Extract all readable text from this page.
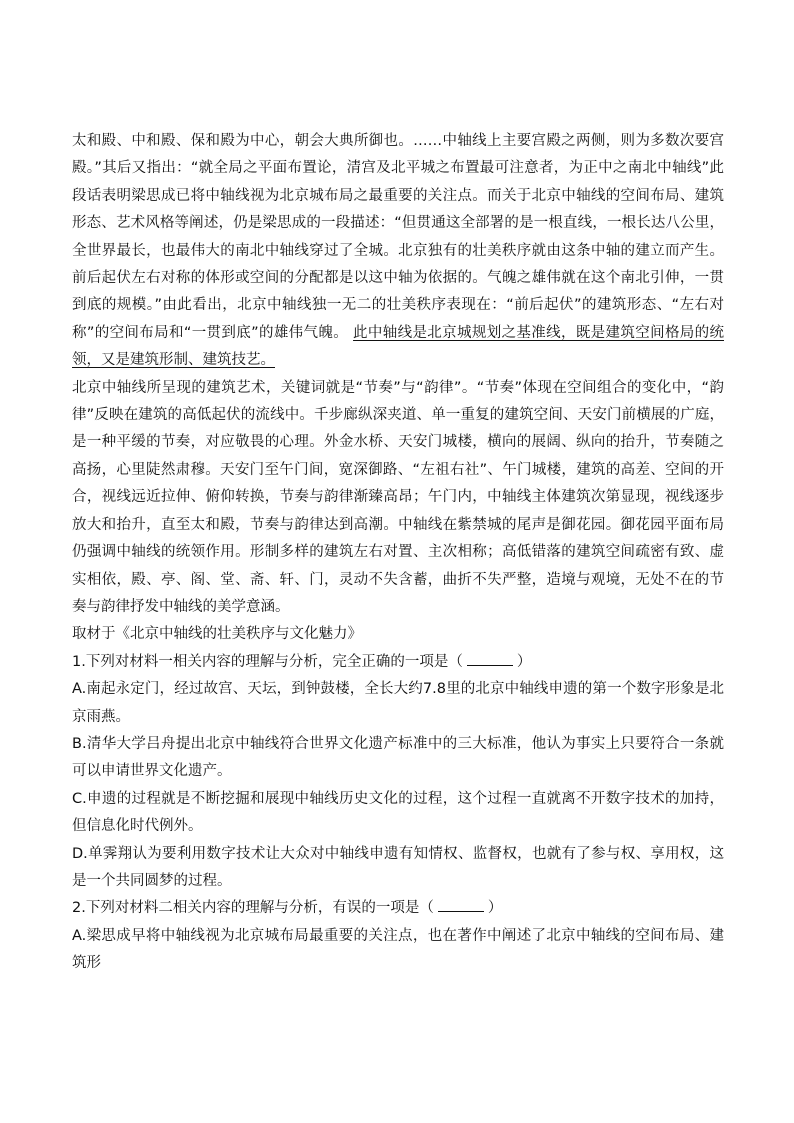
太和殿、中和殿、保和殿为中心，朝会大典所御也。……中轴线上主要宫殿之两侧，则为多数次要宫殿。”其后又指出：“就全局之平面布置论，清宫及北平城之布置最可注意者，为正中之南北中轴线”此段话表明梁思成已将中轴线视为北京城布局之最重要的关注点。而关于北京中轴线的空间布局、建筑形态、艺术风格等阐述，仍是梁思成的一段描述：“但贯通这全部署的是一根直线，一根长达八公里，全世界最长，也最伟大的南北中轴线穿过了全城。北京独有的壮美秩序就由这条中轴的建立而产生。前后起伏左右对称的体形或空间的分配都是以这中轴为依据的。气魄之雄伟就在这个南北引伸，一贯到底的规模。”由此看出，北京中轴线独一无二的壮美秩序表现在：“前后起伏”的建筑形态、“左右对称”的空间布局和“一贯到底”的雄伟气魄。 此中轴线是北京城规划之基准线，既是建筑空间格局的统领，又是建筑形制、建筑技艺。

北京中轴线所呈现的建筑艺术，关键词就是“节奏”与“韵律”。“节奏”体现在空间组合的变化中，“韵律”反映在建筑的高低起伏的流线中。千步廊纵深夹道、单一重复的建筑空间、天安门前横展的广庭，是一种平缓的节奏，对应敬畏的心理。外金水桥、天安门城楼，横向的展阔、纵向的抬升，节奏随之高扬，心里陡然肃穆。天安门至午门间，宽深御路、“左祖右社”、午门城楼，建筑的高差、空间的开合，视线远近拉伸、俯仰转换，节奏与韵律渐臻高昂；午门内，中轴线主体建筑次第显现，视线逐步放大和抬升，直至太和殿，节奏与韵律达到高潮。中轴线在紫禁城的尾声是御花园。御花园平面布局仍强调中轴线的统领作用。形制多样的建筑左右对置、主次相称；高低错落的建筑空间疏密有致、虚实相依，殿、亭、阁、堂、斋、轩、门，灵动不失含蓄，曲折不失严整，造境与观境，无处不在的节奏与韵律抒发中轴线的美学意涵。

取材于《北京中轴线的壮美秩序与文化魅力》

1.下列对材料一相关内容的理解与分析，完全正确的一项是（	）

A.南起永定门，经过故宫、天坛，到钟鼓楼，全长大约7.8里的北京中轴线申遗的第一个数字形象是北京雨燕。

B.清华大学吕舟提出北京中轴线符合世界文化遗产标准中的三大标准，他认为事实上只要符合一条就可以申请世界文化遗产。

C.申遗的过程就是不断挖掘和展现中轴线历史文化的过程，这个过程一直就离不开数字技术的加持，但信息化时代例外。

D.单霁翔认为要利用数字技术让大众对中轴线申遗有知情权、监督权，也就有了参与权、享用权，这是一个共同圆梦的过程。

2.下列对材料二相关内容的理解与分析，有误的一项是（	）

A.梁思成早将中轴线视为北京城布局最重要的关注点，也在著作中阐述了北京中轴线的空间布局、建筑形
